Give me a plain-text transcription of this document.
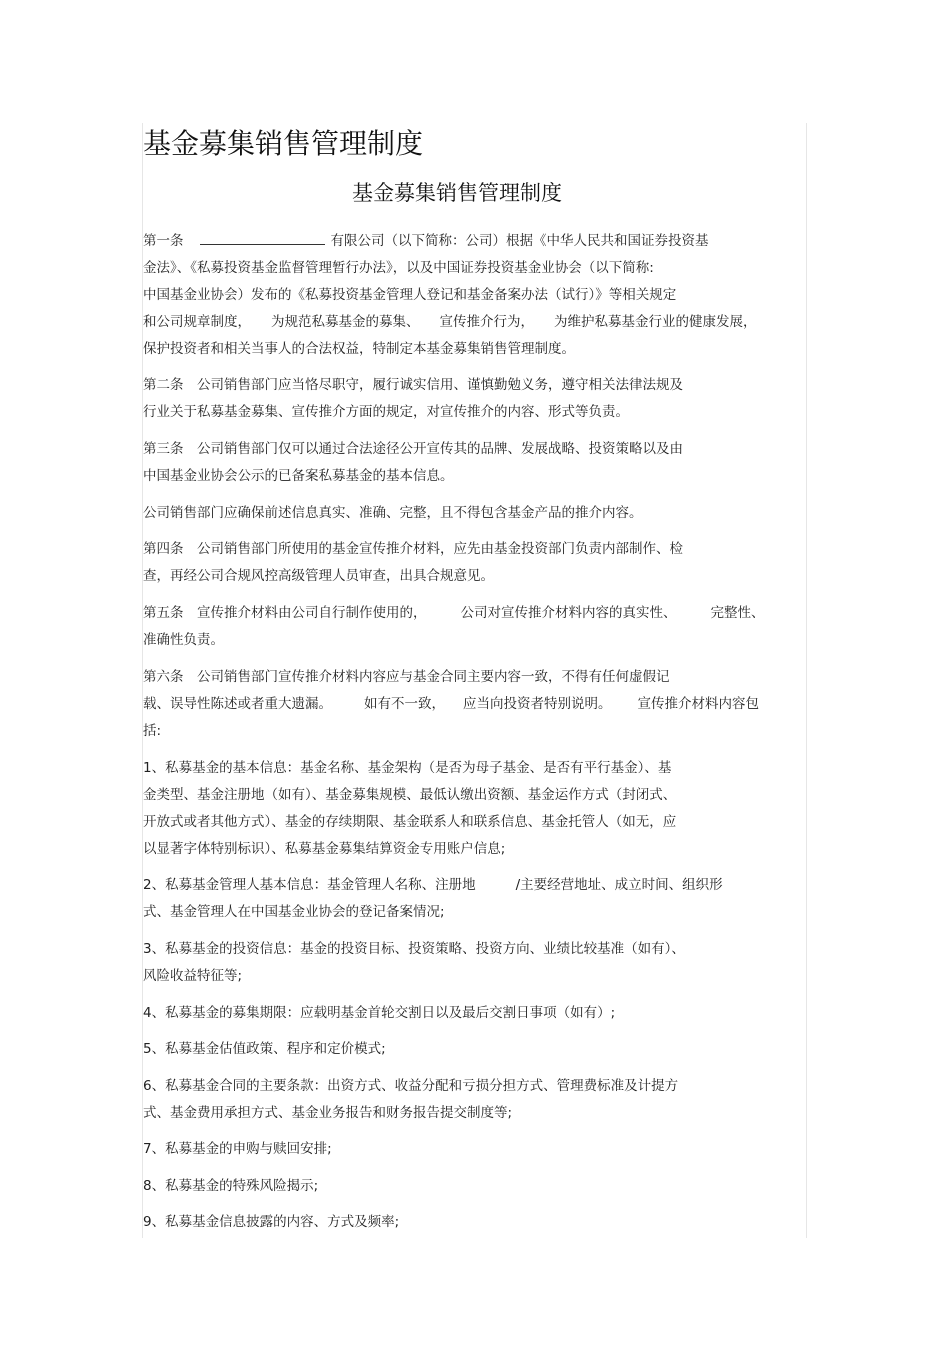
基金募集销售管理制度
基金募集销售管理制度
第一条	有限公司（以下简称：公司）根据《中华人民共和国证券投资基
金法》、《私募投资基金监督管理暂行办法》，以及中国证券投资基金业协会（以下简称:
中国基金业协会）发布的《私募投资基金管理人登记和基金备案办法（试行）》等相关规定
和公司规章制度， 为规范私募基金的募集、 宣传推介行为， 为维护私募基金行业的健康发展，
保护投资者和相关当事人的合法权益，特制定本基金募集销售管理制度。
第二条　公司销售部门应当恪尽职守，履行诚实信用、谨慎勤勉义务，遵守相关法律法规及
行业关于私募基金募集、宣传推介方面的规定，对宣传推介的内容、形式等负责。
第三条　公司销售部门仅可以通过合法途径公开宣传其的品牌、发展战略、投资策略以及由
中国基金业协会公示的已备案私募基金的基本信息。
公司销售部门应确保前述信息真实、准确、完整，且不得包含基金产品的推介内容。
第四条　公司销售部门所使用的基金宣传推介材料，应先由基金投资部门负责内部制作、检
查，再经公司合规风控高级管理人员审查，出具合规意见。
第五条　宣传推介材料由公司自行制作使用的，	公司对宣传推介材料内容的真实性、	完整性、
准确性负责。
第六条　公司销售部门宣传推介材料内容应与基金合同主要内容一致，不得有任何虚假记
载、误导性陈述或者重大遗漏。 如有不一致， 应当向投资者特别说明。 宣传推介材料内容包
括:
1、私募基金的基本信息：基金名称、基金架构（是否为母子基金、是否有平行基金）、基
金类型、基金注册地（如有）、基金募集规模、最低认缴出资额、基金运作方式（封闭式、
开放式或者其他方式）、基金的存续期限、基金联系人和联系信息、基金托管人（如无，应
以显著字体特别标识）、私募基金募集结算资金专用账户信息;
2、私募基金管理人基本信息：基金管理人名称、注册地	/主要经营地址、成立时间、组织形
式、基金管理人在中国基金业协会的登记备案情况;
3、私募基金的投资信息：基金的投资目标、投资策略、投资方向、业绩比较基准（如有）、
风险收益特征等;
4、私募基金的募集期限：应载明基金首轮交割日以及最后交割日事项（如有）;
5、私募基金估值政策、程序和定价模式;
6、私募基金合同的主要条款：出资方式、收益分配和亏损分担方式、管理费标准及计提方
式、基金费用承担方式、基金业务报告和财务报告提交制度等;
7、私募基金的申购与赎回安排;
8、私募基金的特殊风险揭示;
9、私募基金信息披露的内容、方式及频率;
